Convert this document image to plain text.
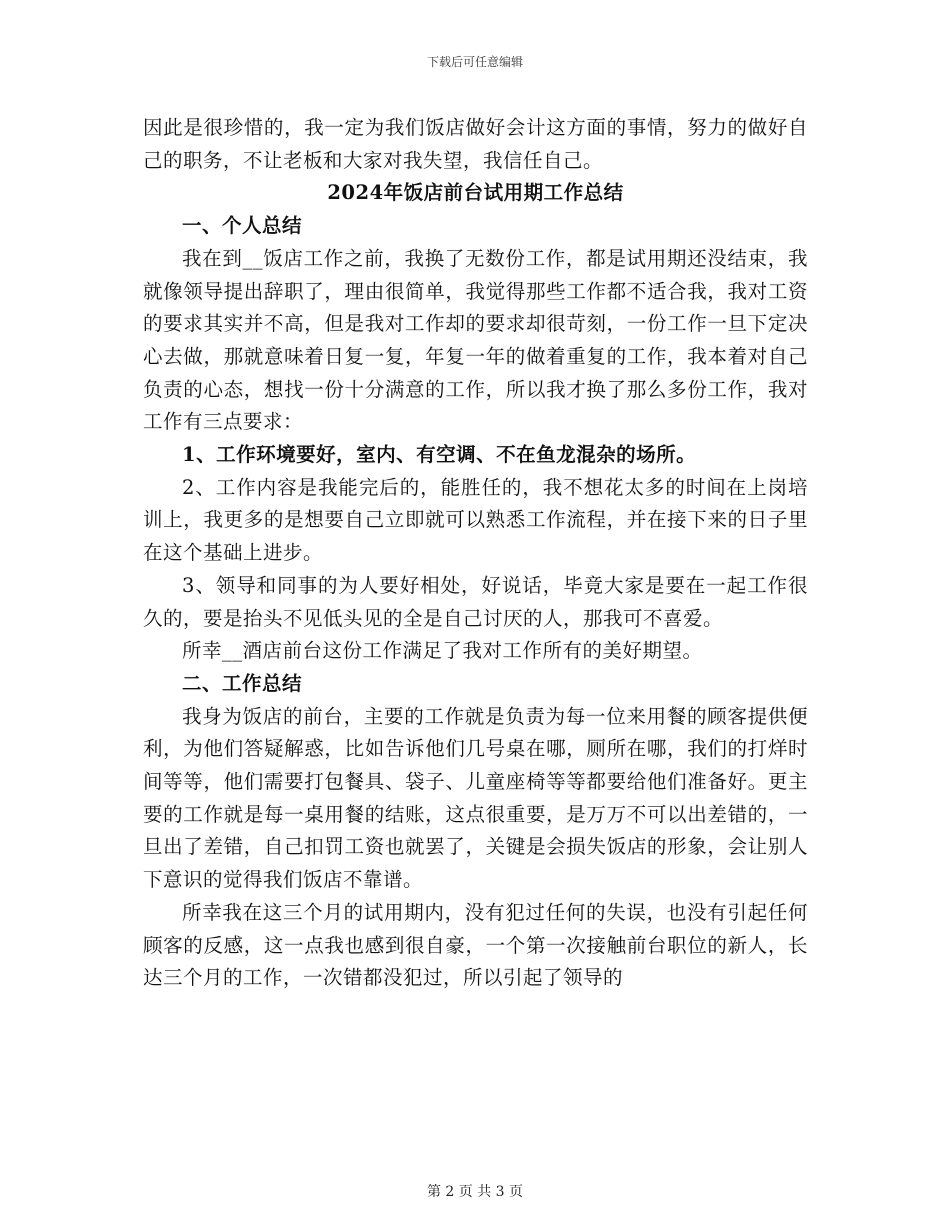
下载后可任意编辑

因此是很珍惜的，我一定为我们饭店做好会计这方面的事情，努力的做好自己的职务，不让老板和大家对我失望，我信任自己。

2024年饭店前台试用期工作总结

一、个人总结

我在到__饭店工作之前，我换了无数份工作，都是试用期还没结束，我就像领导提出辞职了，理由很简单，我觉得那些工作都不适合我，我对工资的要求其实并不高，但是我对工作却的要求却很苛刻，一份工作一旦下定决心去做，那就意味着日复一复，年复一年的做着重复的工作，我本着对自己负责的心态，想找一份十分满意的工作，所以我才换了那么多份工作，我对工作有三点要求：

1、工作环境要好，室内、有空调、不在鱼龙混杂的场所。

2、工作内容是我能完后的，能胜任的，我不想花太多的时间在上岗培训上，我更多的是想要自己立即就可以熟悉工作流程，并在接下来的日子里在这个基础上进步。

3、领导和同事的为人要好相处，好说话，毕竟大家是要在一起工作很久的，要是抬头不见低头见的全是自己讨厌的人，那我可不喜爱。

所幸__酒店前台这份工作满足了我对工作所有的美好期望。

二、工作总结

我身为饭店的前台，主要的工作就是负责为每一位来用餐的顾客提供便利，为他们答疑解惑，比如告诉他们几号桌在哪，厕所在哪，我们的打烊时间等等，他们需要打包餐具、袋子、儿童座椅等等都要给他们准备好。更主要的工作就是每一桌用餐的结账，这点很重要，是万万不可以出差错的，一旦出了差错，自己扣罚工资也就罢了，关键是会损失饭店的形象，会让别人下意识的觉得我们饭店不靠谱。

所幸我在这三个月的试用期内，没有犯过任何的失误，也没有引起任何顾客的反感，这一点我也感到很自豪，一个第一次接触前台职位的新人，长达三个月的工作，一次错都没犯过，所以引起了领导的

第 2 页 共 3 页
